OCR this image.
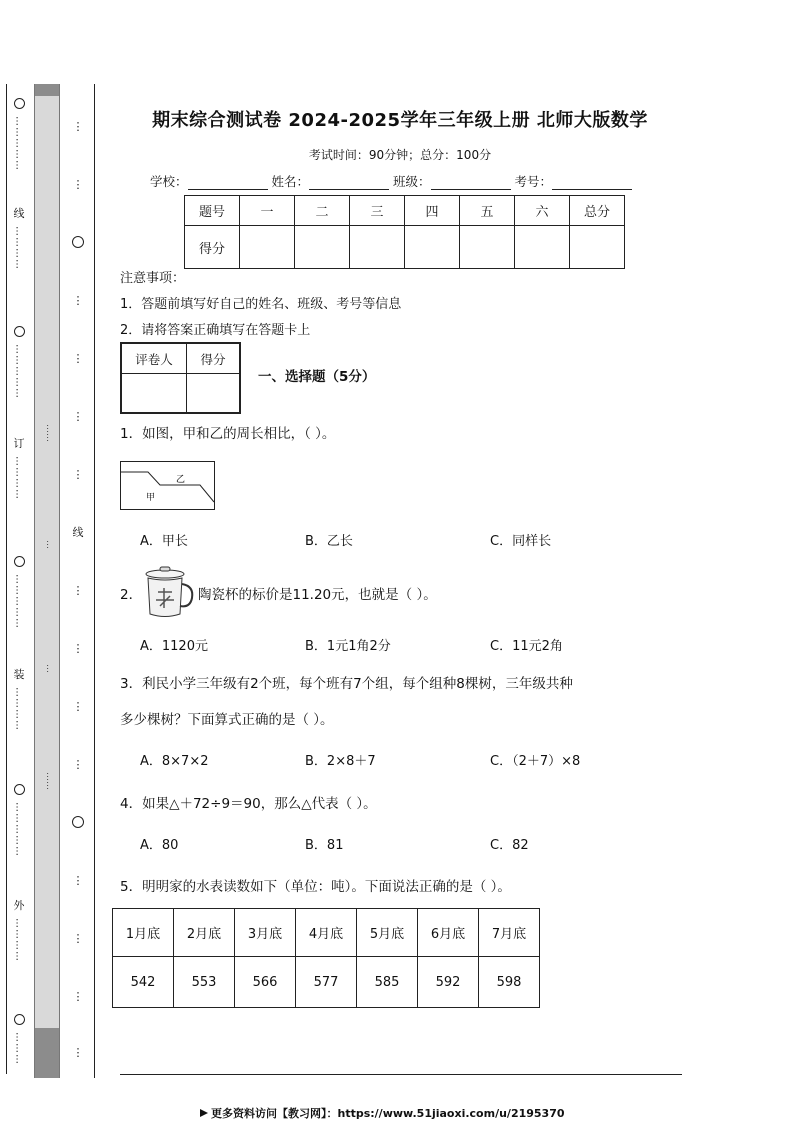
……………
线
…………
……………
订
…………
……………
装
…………
……………
外
…………
………
……
…
…
……
⋮
⋮
⋮
⋮
⋮
⋮
线
⋮
⋮
⋮
⋮
⋮
⋮
⋮
⋮
期末综合测试卷 2024-2025学年三年级上册 北师大版数学
考试时间：90分钟；总分：100分
学校：	姓名：	班级：	考号：
题号	一	二	三	四	五	六	总分
得分							
注意事项：
1．答题前填写好自己的姓名、班级、考号等信息
2．请将答案正确填写在答题卡上
评卷人	得分

一、选择题（5分）
1．如图，甲和乙的周长相比，（ ）。
甲
乙
A．甲长	B．乙长	C．同样长
2．	陶瓷杯的标价是11.20元，也就是（ ）。
A．1120元	B．1元1角2分	C．11元2角
3．利民小学三年级有2个班，每个班有7个组，每个组种8棵树，三年级共种
多少棵树？下面算式正确的是（ ）。
A．8×7×2	B．2×8＋7	C．（2＋7）×8
4．如果△＋72÷9＝90，那么△代表（ ）。
A．80	B．81	C．82
5．明明家的水表读数如下（单位：吨）。下面说法正确的是（ ）。
1月底	2月底	3月底	4月底	5月底	6月底	7月底
542	553	566	577	585	592	598
更多资料访问【教习网】：https://www.51jiaoxi.com/u/2195370
